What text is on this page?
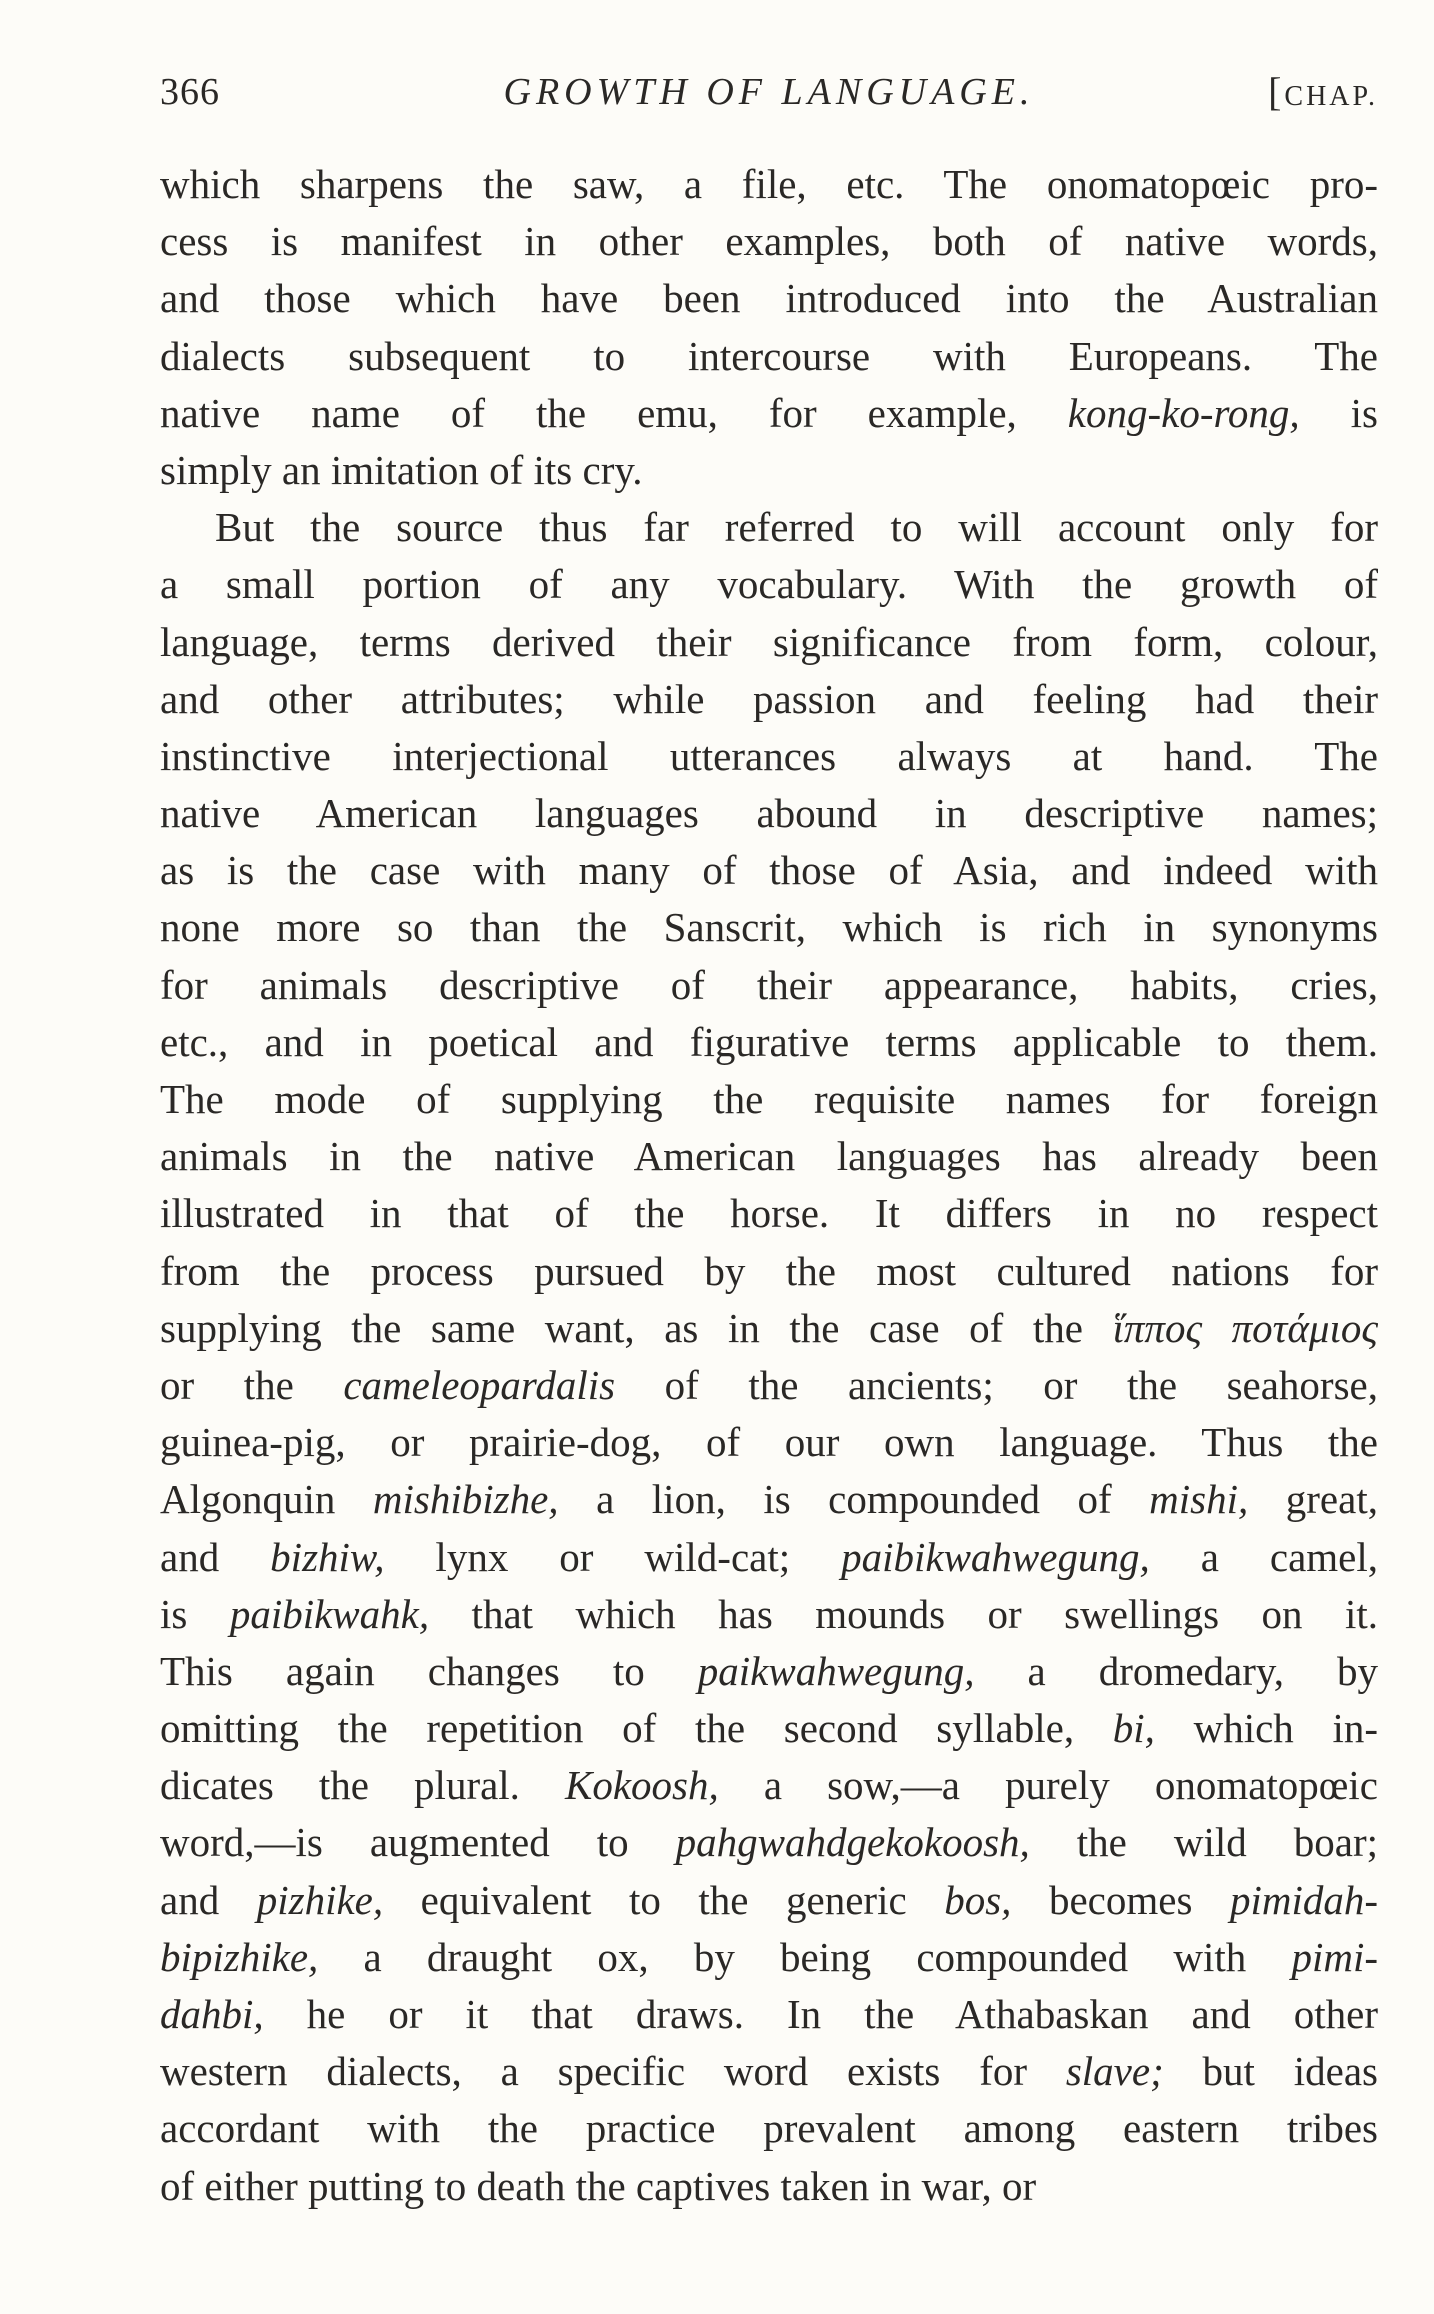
366	GROWTH OF LANGUAGE.	[CHAP.
which sharpens the saw, a file, etc. The onomatopœic pro-
cess is manifest in other examples, both of native words,
and those which have been introduced into the Australian
dialects subsequent to intercourse with Europeans. The
native name of the emu, for example, kong-ko-rong, is
simply an imitation of its cry.
But the source thus far referred to will account only for
a small portion of any vocabulary. With the growth of
language, terms derived their significance from form, colour,
and other attributes; while passion and feeling had their
instinctive interjectional utterances always at hand. The
native American languages abound in descriptive names;
as is the case with many of those of Asia, and indeed with
none more so than the Sanscrit, which is rich in synonyms
for animals descriptive of their appearance, habits, cries,
etc., and in poetical and figurative terms applicable to them.
The mode of supplying the requisite names for foreign
animals in the native American languages has already been
illustrated in that of the horse. It differs in no respect
from the process pursued by the most cultured nations for
supplying the same want, as in the case of the ἵππος ποτάμιος
or the cameleopardalis of the ancients; or the seahorse,
guinea-pig, or prairie-dog, of our own language. Thus the
Algonquin mishibizhe, a lion, is compounded of mishi, great,
and bizhiw, lynx or wild-cat; paibikwahwegung, a camel,
is paibikwahk, that which has mounds or swellings on it.
This again changes to paikwahwegung, a dromedary, by
omitting the repetition of the second syllable, bi, which in-
dicates the plural. Kokoosh, a sow,—a purely onomatopœic
word,—is augmented to pahgwahdgekokoosh, the wild boar;
and pizhike, equivalent to the generic bos, becomes pimidah-
bipizhike, a draught ox, by being compounded with pimi-
dahbi, he or it that draws. In the Athabaskan and other
western dialects, a specific word exists for slave; but ideas
accordant with the practice prevalent among eastern tribes
of either putting to death the captives taken in war, or
